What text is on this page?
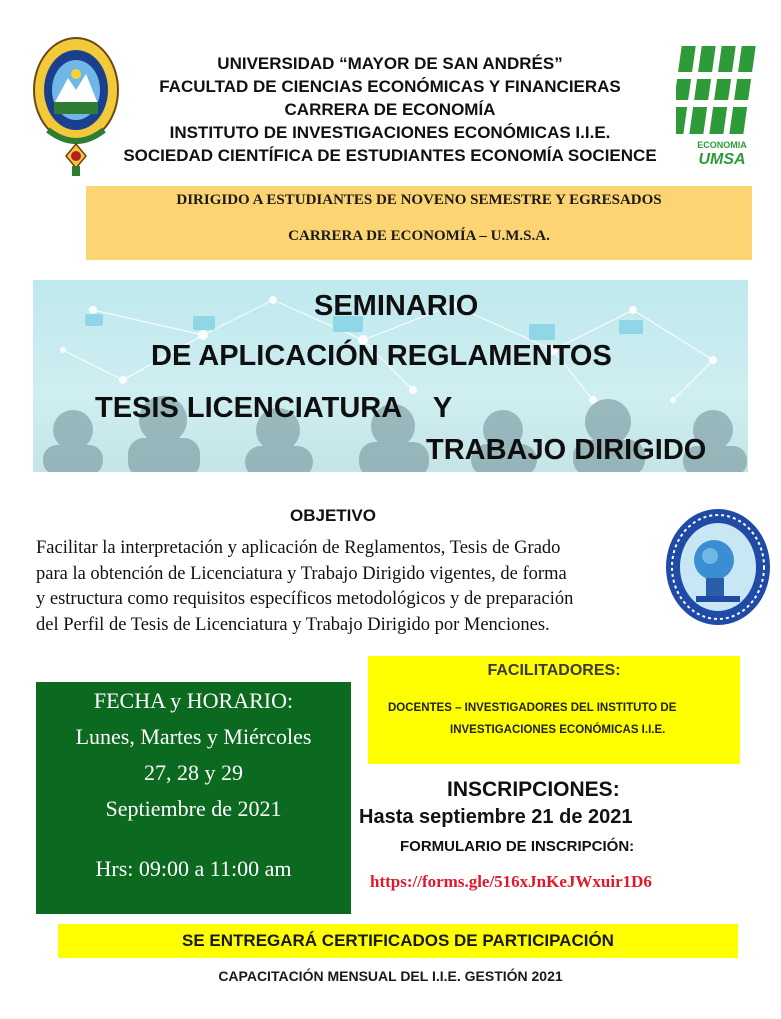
UNIVERSIDAD “MAYOR DE SAN ANDRÉS”
FACULTAD DE CIENCIAS ECONÓMICAS Y FINANCIERAS
CARRERA DE ECONOMÍA
INSTITUTO DE INVESTIGACIONES ECONÓMICAS I.I.E.
SOCIEDAD CIENTÍFICA DE ESTUDIANTES ECONOMÍA SOCIENCE
ECONOMIA
UMSA
DIRIGIDO A ESTUDIANTES DE NOVENO SEMESTRE Y EGRESADOS
CARRERA DE ECONOMÍA – U.M.S.A.
SEMINARIO
DE APLICACIÓN REGLAMENTOS
TESIS LICENCIATURA    Y
TRABAJO DIRIGIDO
OBJETIVO
Facilitar la interpretación y aplicación de Reglamentos, Tesis de Grado
para la obtención de Licenciatura y Trabajo Dirigido vigentes, de forma
y estructura como requisitos específicos metodológicos y de preparación
del Perfil de Tesis de Licenciatura y Trabajo Dirigido por Menciones.
FECHA y HORARIO:
Lunes, Martes y Miércoles
27, 28 y 29
Septiembre de 2021
Hrs: 09:00 a 11:00 am
FACILITADORES:
DOCENTES – INVESTIGADORES DEL INSTITUTO DE
INVESTIGACIONES ECONÓMICAS I.I.E.
INSCRIPCIONES:
Hasta septiembre 21 de 2021
FORMULARIO DE INSCRIPCIÓN:
https://forms.gle/516xJnKeJWxuir1D6
SE ENTREGARÁ CERTIFICADOS DE PARTICIPACIÓN
CAPACITACIÓN MENSUAL DEL I.I.E. GESTIÓN 2021
